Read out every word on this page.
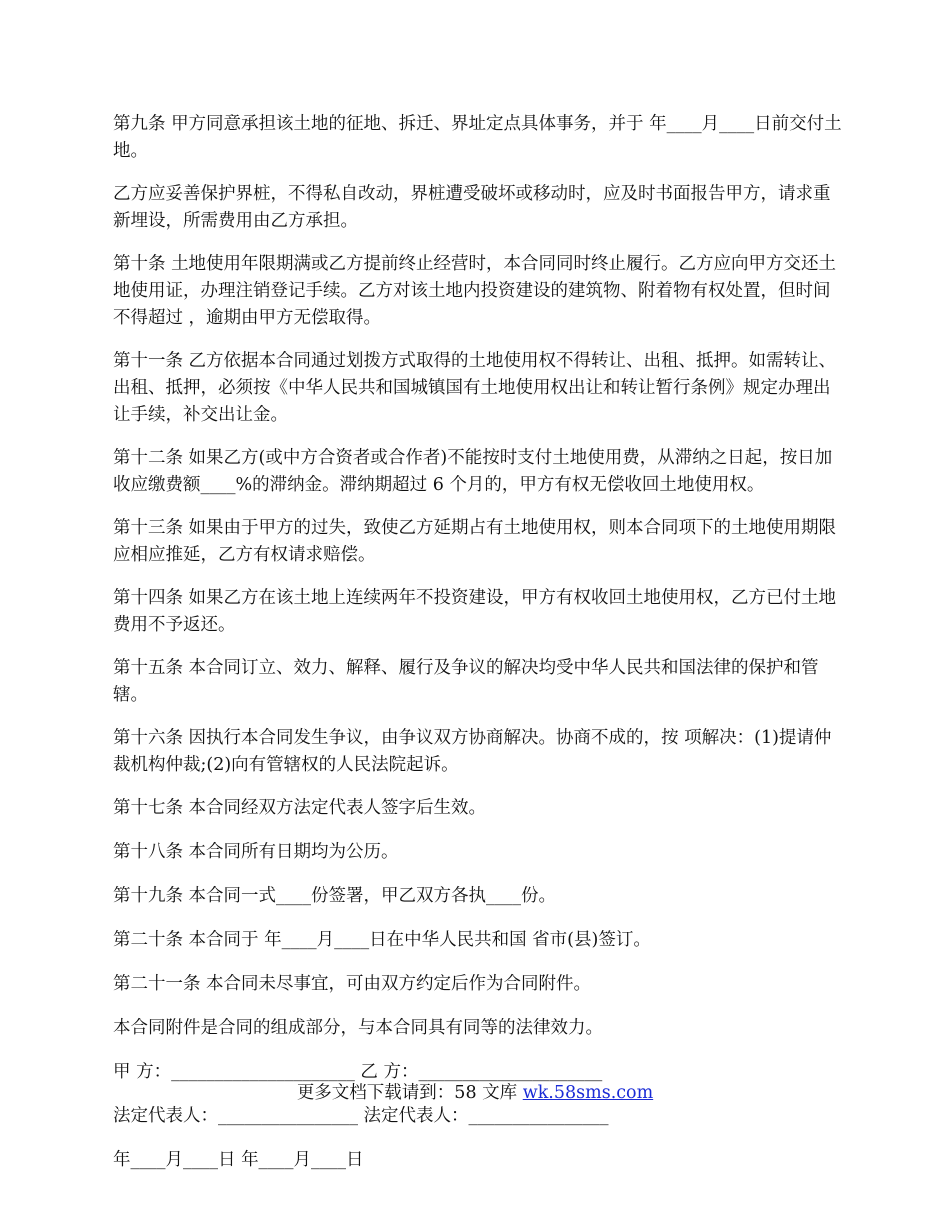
第九条 甲方同意承担该土地的征地、拆迁、界址定点具体事务，并于 年____月____日前交付土地。

乙方应妥善保护界桩，不得私自改动，界桩遭受破坏或移动时，应及时书面报告甲方，请求重新埋设，所需费用由乙方承担。

第十条 土地使用年限期满或乙方提前终止经营时，本合同同时终止履行。乙方应向甲方交还土地使用证，办理注销登记手续。乙方对该土地内投资建设的建筑物、附着物有权处置，但时间不得超过 ，逾期由甲方无偿取得。

第十一条 乙方依据本合同通过划拨方式取得的土地使用权不得转让、出租、抵押。如需转让、出租、抵押，必须按《中华人民共和国城镇国有土地使用权出让和转让暂行条例》规定办理出让手续，补交出让金。

第十二条 如果乙方(或中方合资者或合作者)不能按时支付土地使用费，从滞纳之日起，按日加收应缴费额____%的滞纳金。滞纳期超过 6 个月的，甲方有权无偿收回土地使用权。

第十三条 如果由于甲方的过失，致使乙方延期占有土地使用权，则本合同项下的土地使用期限应相应推延，乙方有权请求赔偿。

第十四条 如果乙方在该土地上连续两年不投资建设，甲方有权收回土地使用权，乙方已付土地费用不予返还。

第十五条 本合同订立、效力、解释、履行及争议的解决均受中华人民共和国法律的保护和管辖。

第十六条 因执行本合同发生争议，由争议双方协商解决。协商不成的，按 项解决：(1)提请仲裁机构仲裁;(2)向有管辖权的人民法院起诉。

第十七条 本合同经双方法定代表人签字后生效。

第十八条 本合同所有日期均为公历。

第十九条 本合同一式____份签署，甲乙双方各执____份。

第二十条 本合同于 年____月____日在中华人民共和国 省市(县)签订。

第二十一条 本合同未尽事宜，可由双方约定后作为合同附件。

本合同附件是合同的组成部分，与本合同具有同等的法律效力。

甲 方：_____________________ 乙 方：_____________________
法定代表人：________________ 法定代表人：________________
年____月____日 年____月____日
更多文档下载请到：58 文库 wk.58sms.com
